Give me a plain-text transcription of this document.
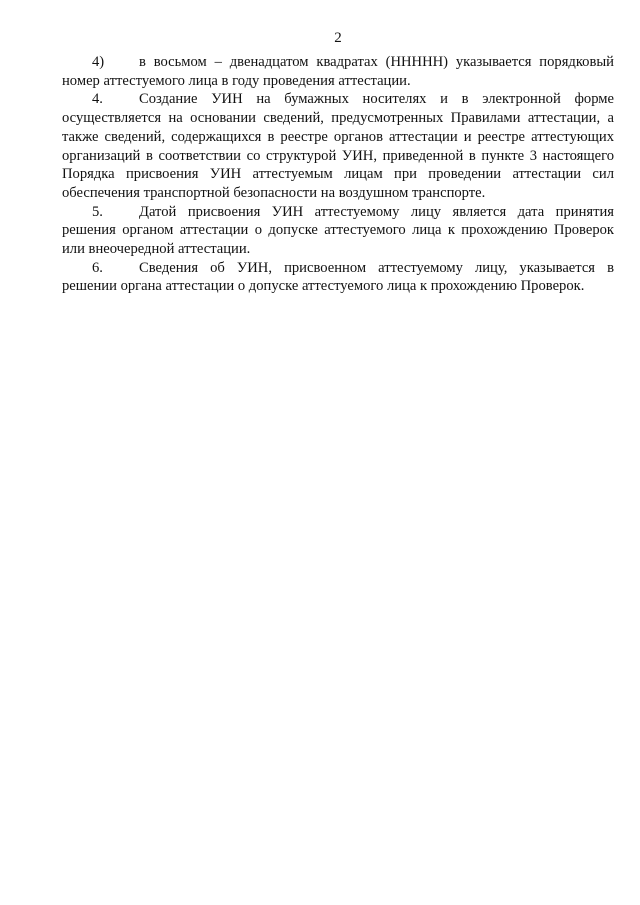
2
4) в восьмом – двенадцатом квадратах (ННННН) указывается порядковый
номер аттестуемого лица в году проведения аттестации.
4. Создание УИН на бумажных носителях и в электронной форме
осуществляется на основании сведений, предусмотренных Правилами аттестации, а также сведений, содержащихся в реестре органов аттестации и реестре аттестующих организаций в соответствии со структурой УИН, приведенной в пункте 3 настоящего Порядка присвоения УИН аттестуемым лицам при проведении аттестации сил обеспечения транспортной безопасности на воздушном транспорте.
5. Датой присвоения УИН аттестуемому лицу является дата принятия
решения органом аттестации о допуске аттестуемого лица к прохождению Проверок или внеочередной аттестации.
6. Сведения об УИН, присвоенном аттестуемому лицу, указывается в
решении органа аттестации о допуске аттестуемого лица к прохождению Проверок.
